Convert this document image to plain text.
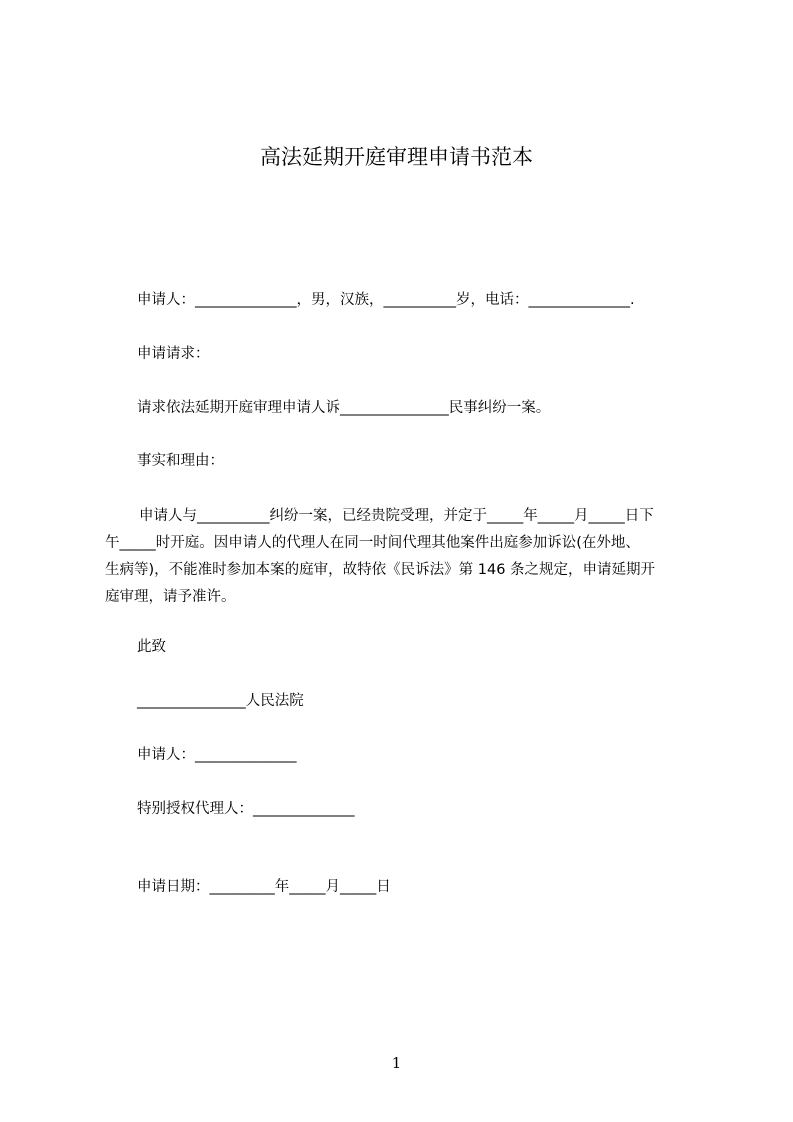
高法延期开庭审理申请书范本
申请人：______________，男，汉族，__________岁，电话：______________.
申请请求：
请求依法延期开庭审理申请人诉_______________民事纠纷一案。
事实和理由：
申请人与__________纠纷一案，已经贵院受理，并定于_____年_____月_____日下
午_____时开庭。因申请人的代理人在同一时间代理其他案件出庭参加诉讼(在外地、
生病等)，不能准时参加本案的庭审，故特依《民诉法》第 146 条之规定，申请延期开
庭审理，请予准许。
此致
_______________人民法院
申请人：______________
特别授权代理人：______________
申请日期：_________年_____月_____日
1
